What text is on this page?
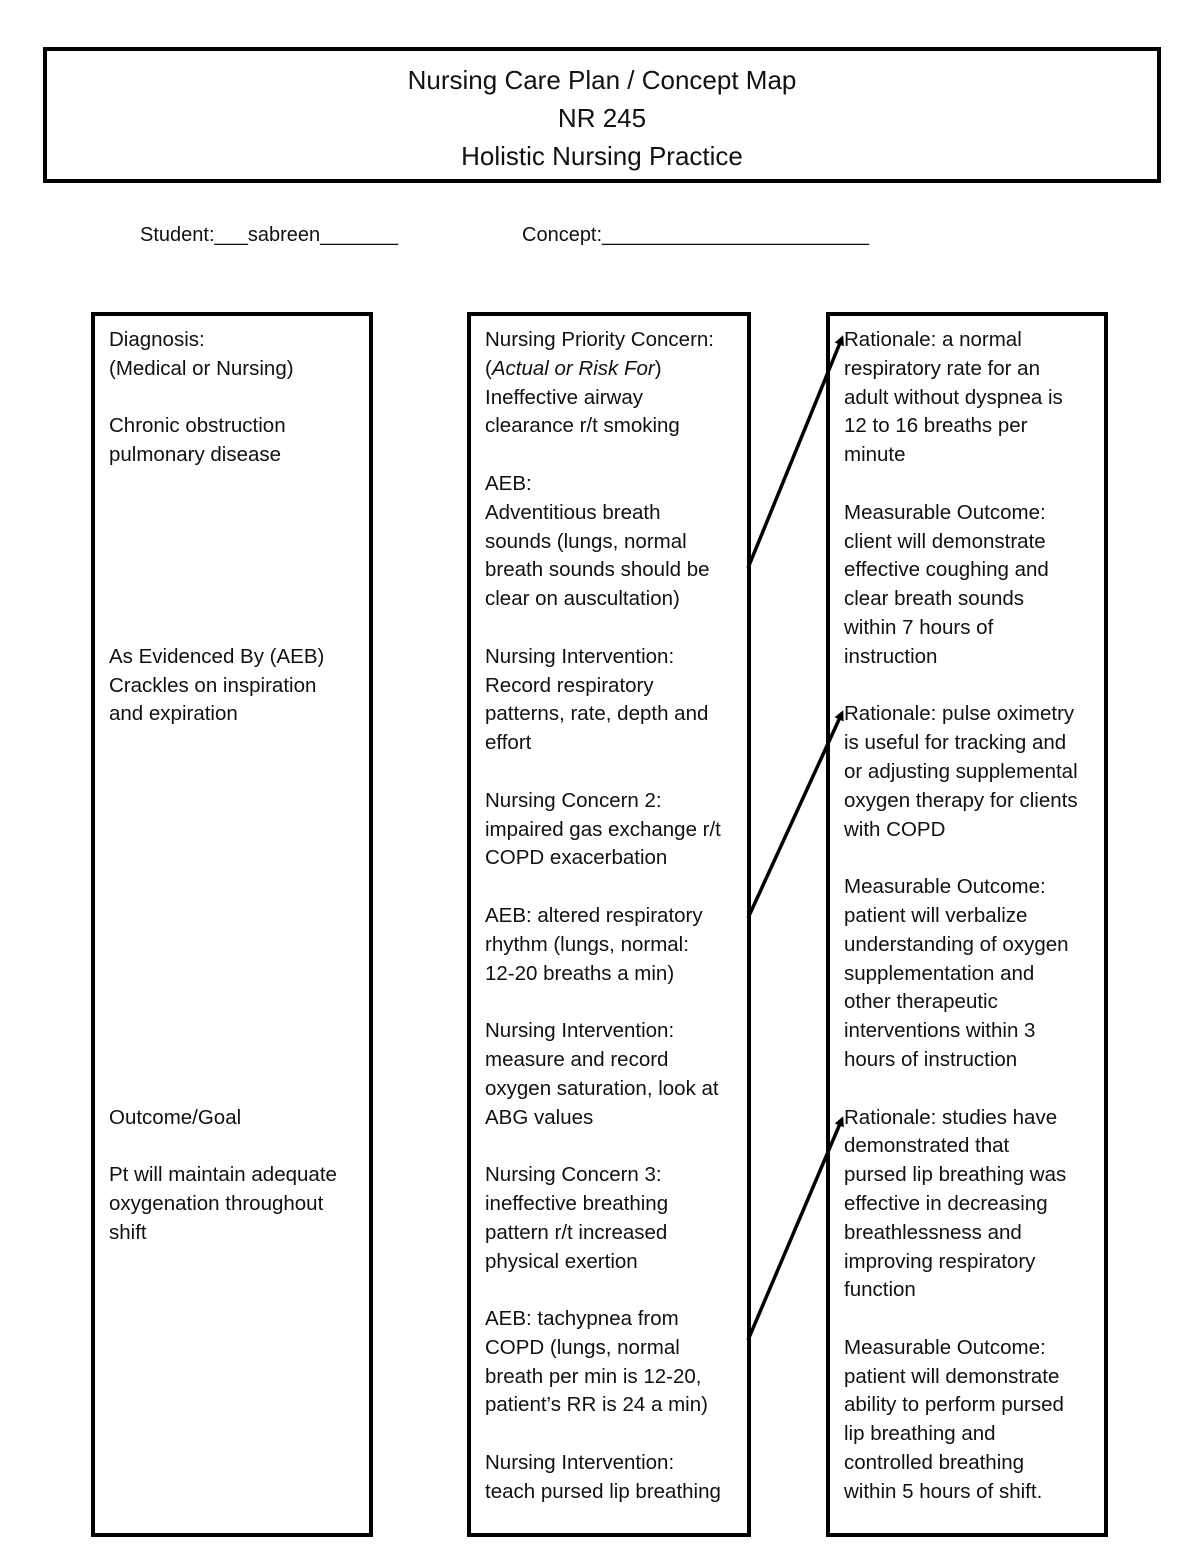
Nursing Care Plan / Concept Map
NR 245
Holistic Nursing Practice
Student:___sabreen_______	Concept:________________________

Diagnosis:

(Medical or Nursing)

Chronic obstruction

pulmonary disease

As Evidenced By (AEB)

Crackles on inspiration

and expiration

Outcome/Goal

Pt will maintain adequate

oxygenation throughout

shift

Nursing Priority Concern:

(Actual or Risk For)

Ineffective airway

clearance r/t smoking

AEB:

Adventitious breath

sounds (lungs, normal

breath sounds should be

clear on auscultation)

Nursing Intervention:

Record respiratory

patterns, rate, depth and

effort

Nursing Concern 2:

impaired gas exchange r/t

COPD exacerbation

AEB: altered respiratory

rhythm (lungs, normal:

12-20 breaths a min)

Nursing Intervention:

measure and record

oxygen saturation, look at

ABG values

Nursing Concern 3:

ineffective breathing

pattern r/t increased

physical exertion

AEB: tachypnea from

COPD (lungs, normal

breath per min is 12-20,

patient’s RR is 24 a min)

Nursing Intervention:

teach pursed lip breathing

Rationale: a normal

respiratory rate for an

adult without dyspnea is

12 to 16 breaths per

minute

Measurable Outcome:

client will demonstrate

effective coughing and

clear breath sounds

within 7 hours of

instruction

Rationale: pulse oximetry

is useful for tracking and

or adjusting supplemental

oxygen therapy for clients

with COPD

Measurable Outcome:

patient will verbalize

understanding of oxygen

supplementation and

other therapeutic

interventions within 3

hours of instruction

Rationale: studies have

demonstrated that

pursed lip breathing was

effective in decreasing

breathlessness and

improving respiratory

function

Measurable Outcome:

patient will demonstrate

ability to perform pursed

lip breathing and

controlled breathing

within 5 hours of shift.
